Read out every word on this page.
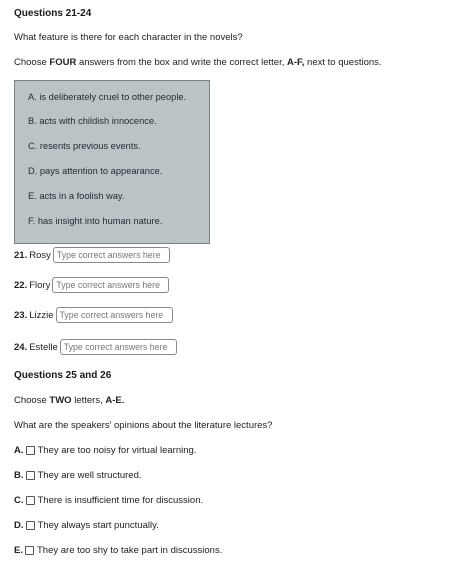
Questions 21-24
What feature is there for each character in the novels?
Choose FOUR answers from the box and write the correct letter, A-F, next to questions.
A. is deliberately cruel to other people.
B. acts with childish innocence.
C. resents previous events.
D. pays attention to appearance.
E. acts in a foolish way.
F. has insight into human nature.
21. Rosy
Type correct answers here
22. Flory
Type correct answers here
23. Lizzie
Type correct answers here
24. Estelle
Type correct answers here
Questions 25 and 26
Choose TWO letters, A-E.
What are the speakers' opinions about the literature lectures?
A. They are too noisy for virtual learning.
B. They are well structured.
C. There is insufficient time for discussion.
D. They always start punctually.
E. They are too shy to take part in discussions.
